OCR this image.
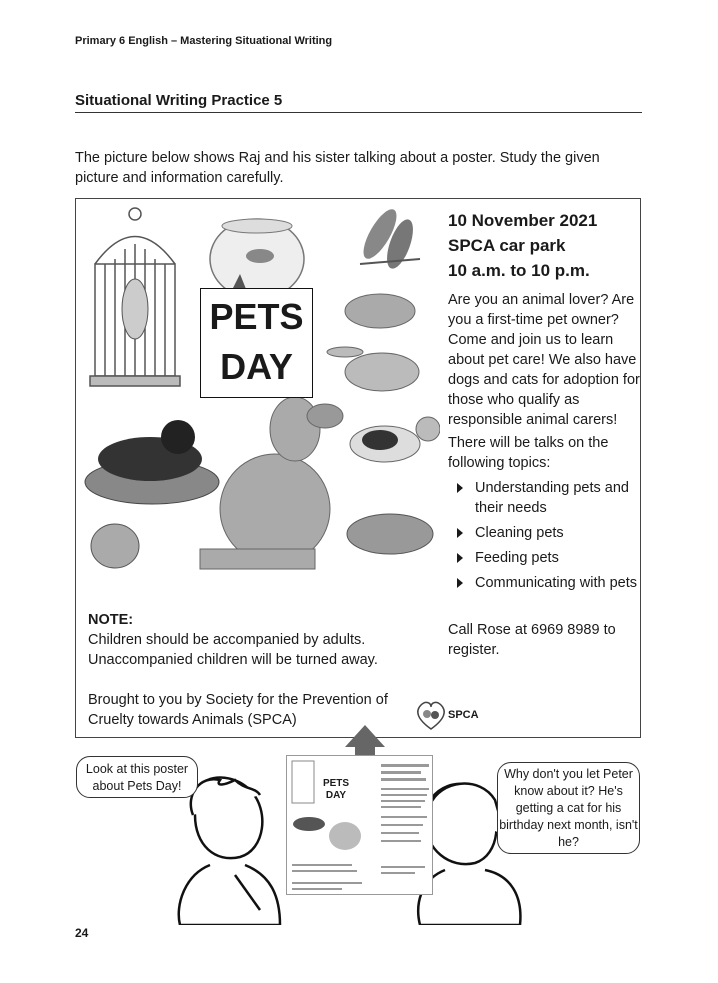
Primary 6 English – Mastering Situational Writing
Situational Writing Practice 5
The picture below shows Raj and his sister talking about a poster. Study the given picture and information carefully.
PETS
DAY
10 November 2021
SPCA car park
10 a.m. to 10 p.m.
Are you an animal lover? Are you a first-time pet owner? Come and join us to learn about pet care! We also have dogs and cats for adoption for those who qualify as responsible animal carers!
There will be talks on the following topics:
Understanding pets and their needs
Cleaning pets
Feeding pets
Communicating with pets
Call Rose at 6969 8989 to register.
NOTE:
Children should be accompanied by adults.
Unaccompanied children will be turned away.
Brought to you by Society for the Prevention of Cruelty towards Animals (SPCA)	SPCA
PETS
DAY
Look at this poster about Pets Day!
Why don't you let Peter know about it? He's getting a cat for his birthday next month, isn't he?
24
